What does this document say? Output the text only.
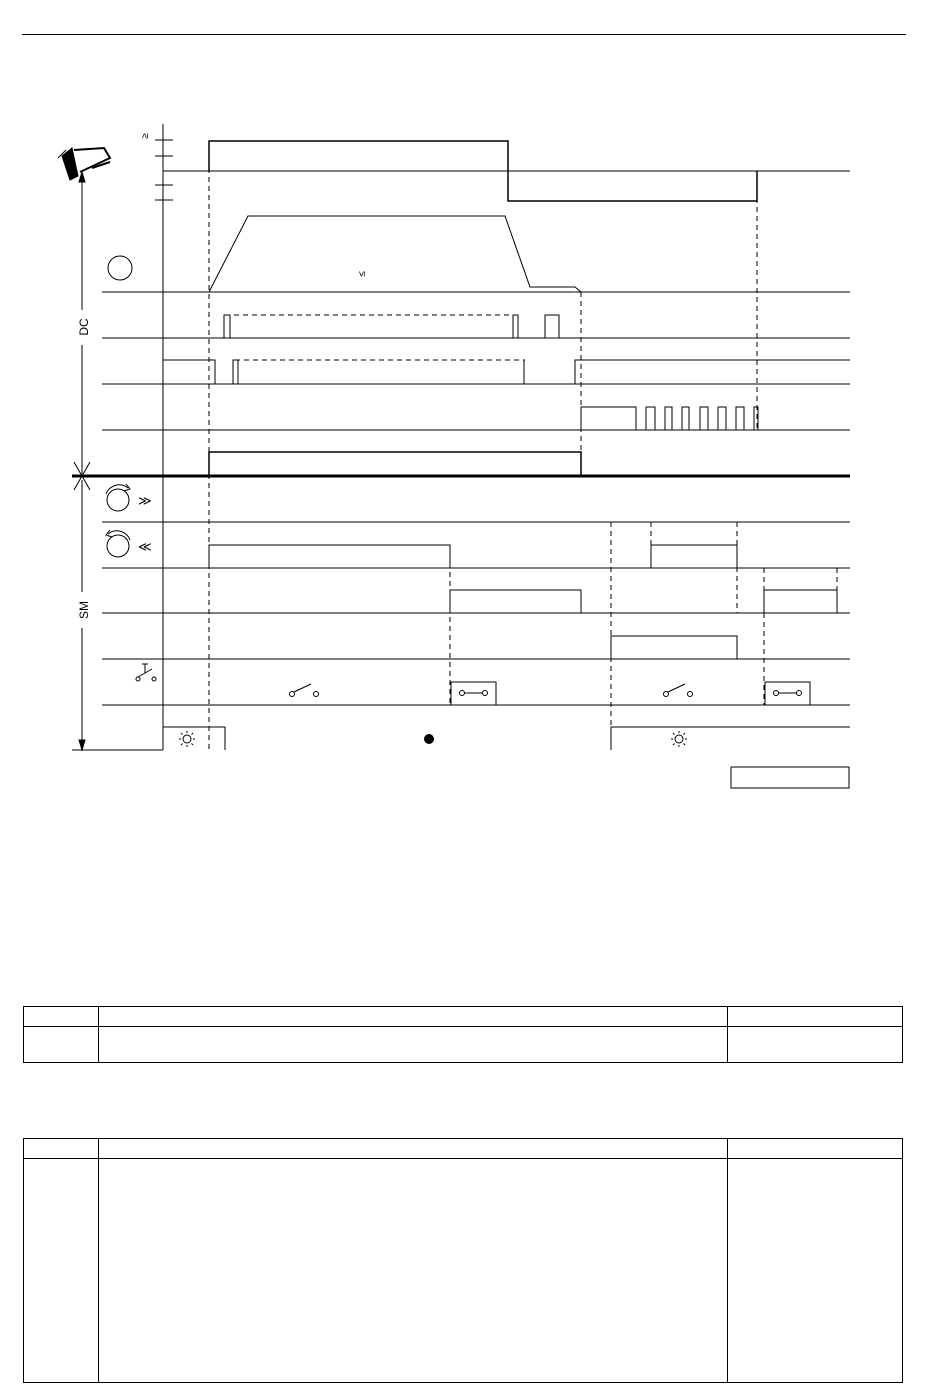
DC
SM
≫
≪
≥
≤
